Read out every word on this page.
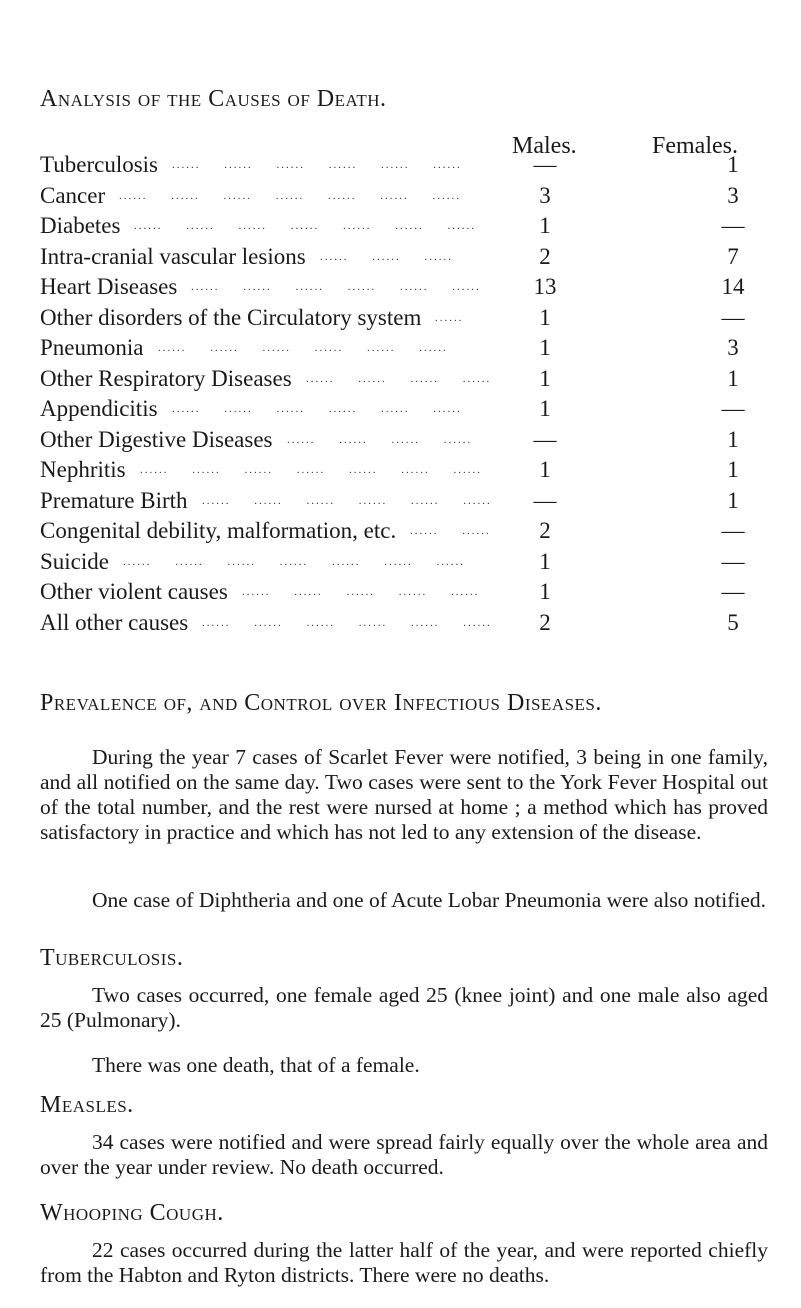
Analysis of the Causes of Death.
Males.	Females.
Tuberculosis ......     ......     ......     ......     ......     ......	—	1
Cancer ......     ......     ......     ......     ......     ......     ......	3	3
Diabetes ......     ......     ......     ......     ......     ......     ......	1	—
Intra-cranial vascular lesions ......     ......     ......	2	7
Heart Diseases ......     ......     ......     ......     ......     ......	13	14
Other disorders of the Circulatory system ......	1	—
Pneumonia ......     ......     ......     ......     ......     ......	1	3
Other Respiratory Diseases ......     ......     ......     ......	1	1
Appendicitis ......     ......     ......     ......     ......     ......	1	—
Other Digestive Diseases ......     ......     ......     ......	—	1
Nephritis ......     ......     ......     ......     ......     ......     ......	1	1
Premature Birth ......     ......     ......     ......     ......     ...... —	1
Congenital debility, malformation, etc. ......     ......	2	—
Suicide ......     ......     ......     ......     ......     ......     ......	1	—
Other violent causes ......     ......     ......     ......     ......	1	—
All other causes ......     ......     ......     ......     ......     ......	2	5
Prevalence of, and Control over Infectious Diseases.

During the year 7 cases of Scarlet Fever were notified, 3 being in one family, and all notified on the same day. Two cases were sent to the York Fever Hospital out of the total number, and the rest were nursed at home ; a method which has proved satisfactory in practice and which has not led to any extension of the disease.

One case of Diphtheria and one of Acute Lobar Pneumonia were also notified.

Tuberculosis.

Two cases occurred, one female aged 25 (knee joint) and one male also aged 25 (Pulmonary).

There was one death, that of a female.

Measles.

34 cases were notified and were spread fairly equally over the whole area and over the year under review. No death occurred.

Whooping Cough.

22 cases occurred during the latter half of the year, and were reported chiefly from the Habton and Ryton districts. There were no deaths.
